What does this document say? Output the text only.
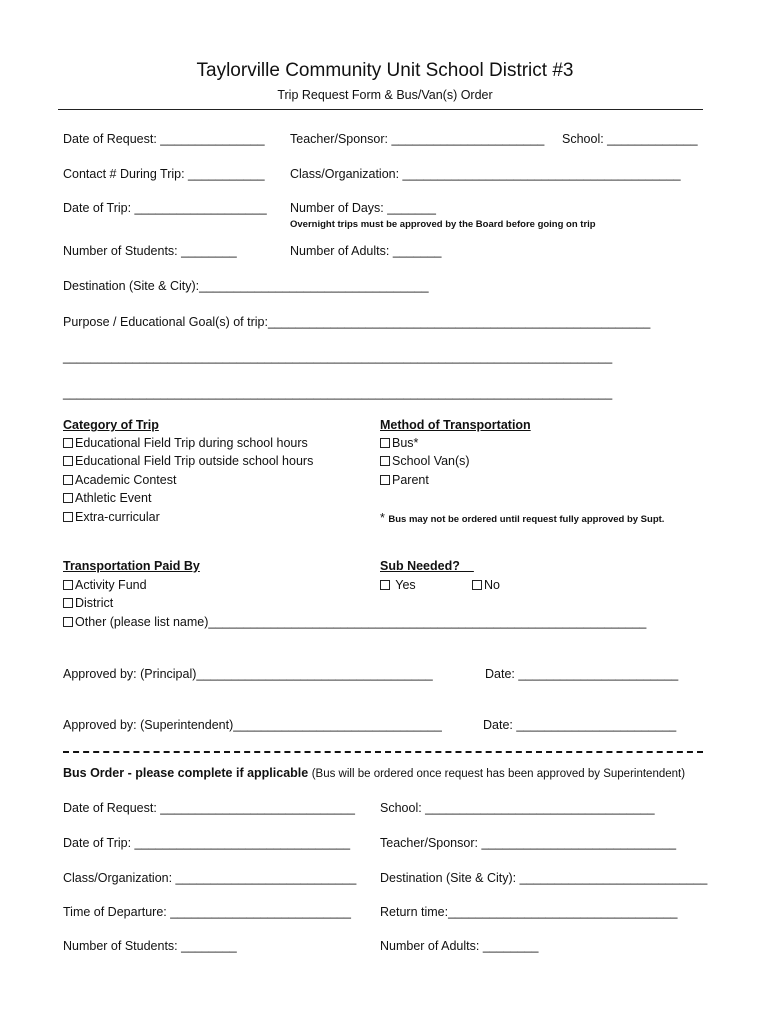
Taylorville Community Unit School District #3
Trip Request Form & Bus/Van(s) Order
Date of Request: _______________ Teacher/Sponsor: ______________________ School: _____________
Contact # During Trip: ___________ Class/Organization: ________________________________________
Date of Trip: ___________________ Number of Days: _______
Overnight trips must be approved by the Board before going on trip
Number of Students: ________	Number of Adults: _______
Destination (Site & City):_________________________________
Purpose / Educational Goal(s) of trip:_______________________________________________________
_______________________________________________________________________________
_______________________________________________________________________________
Category of Trip
Educational Field Trip during school hours
Educational Field Trip outside school hours
Academic Contest
Athletic Event
Extra-curricular
Method of Transportation
Bus*
School Van(s)
Parent
* Bus may not be ordered until request fully approved by Supt.
Transportation Paid By
Activity Fund
District
Other (please list name)_______________________________________________________________
Sub Needed?__
Yes	No
Approved by: (Principal)__________________________________	Date: _______________________
Approved by: (Superintendent)______________________________	Date: _______________________
Bus Order - please complete if applicable (Bus will be ordered once request has been approved by Superintendent)
Date of Request: ____________________________ School: _________________________________
Date of Trip: _______________________________ Teacher/Sponsor: ____________________________
Class/Organization: __________________________ Destination (Site & City): ___________________________
Time of Departure: __________________________ Return time:_________________________________
Number of Students: ________	Number of Adults: ________
